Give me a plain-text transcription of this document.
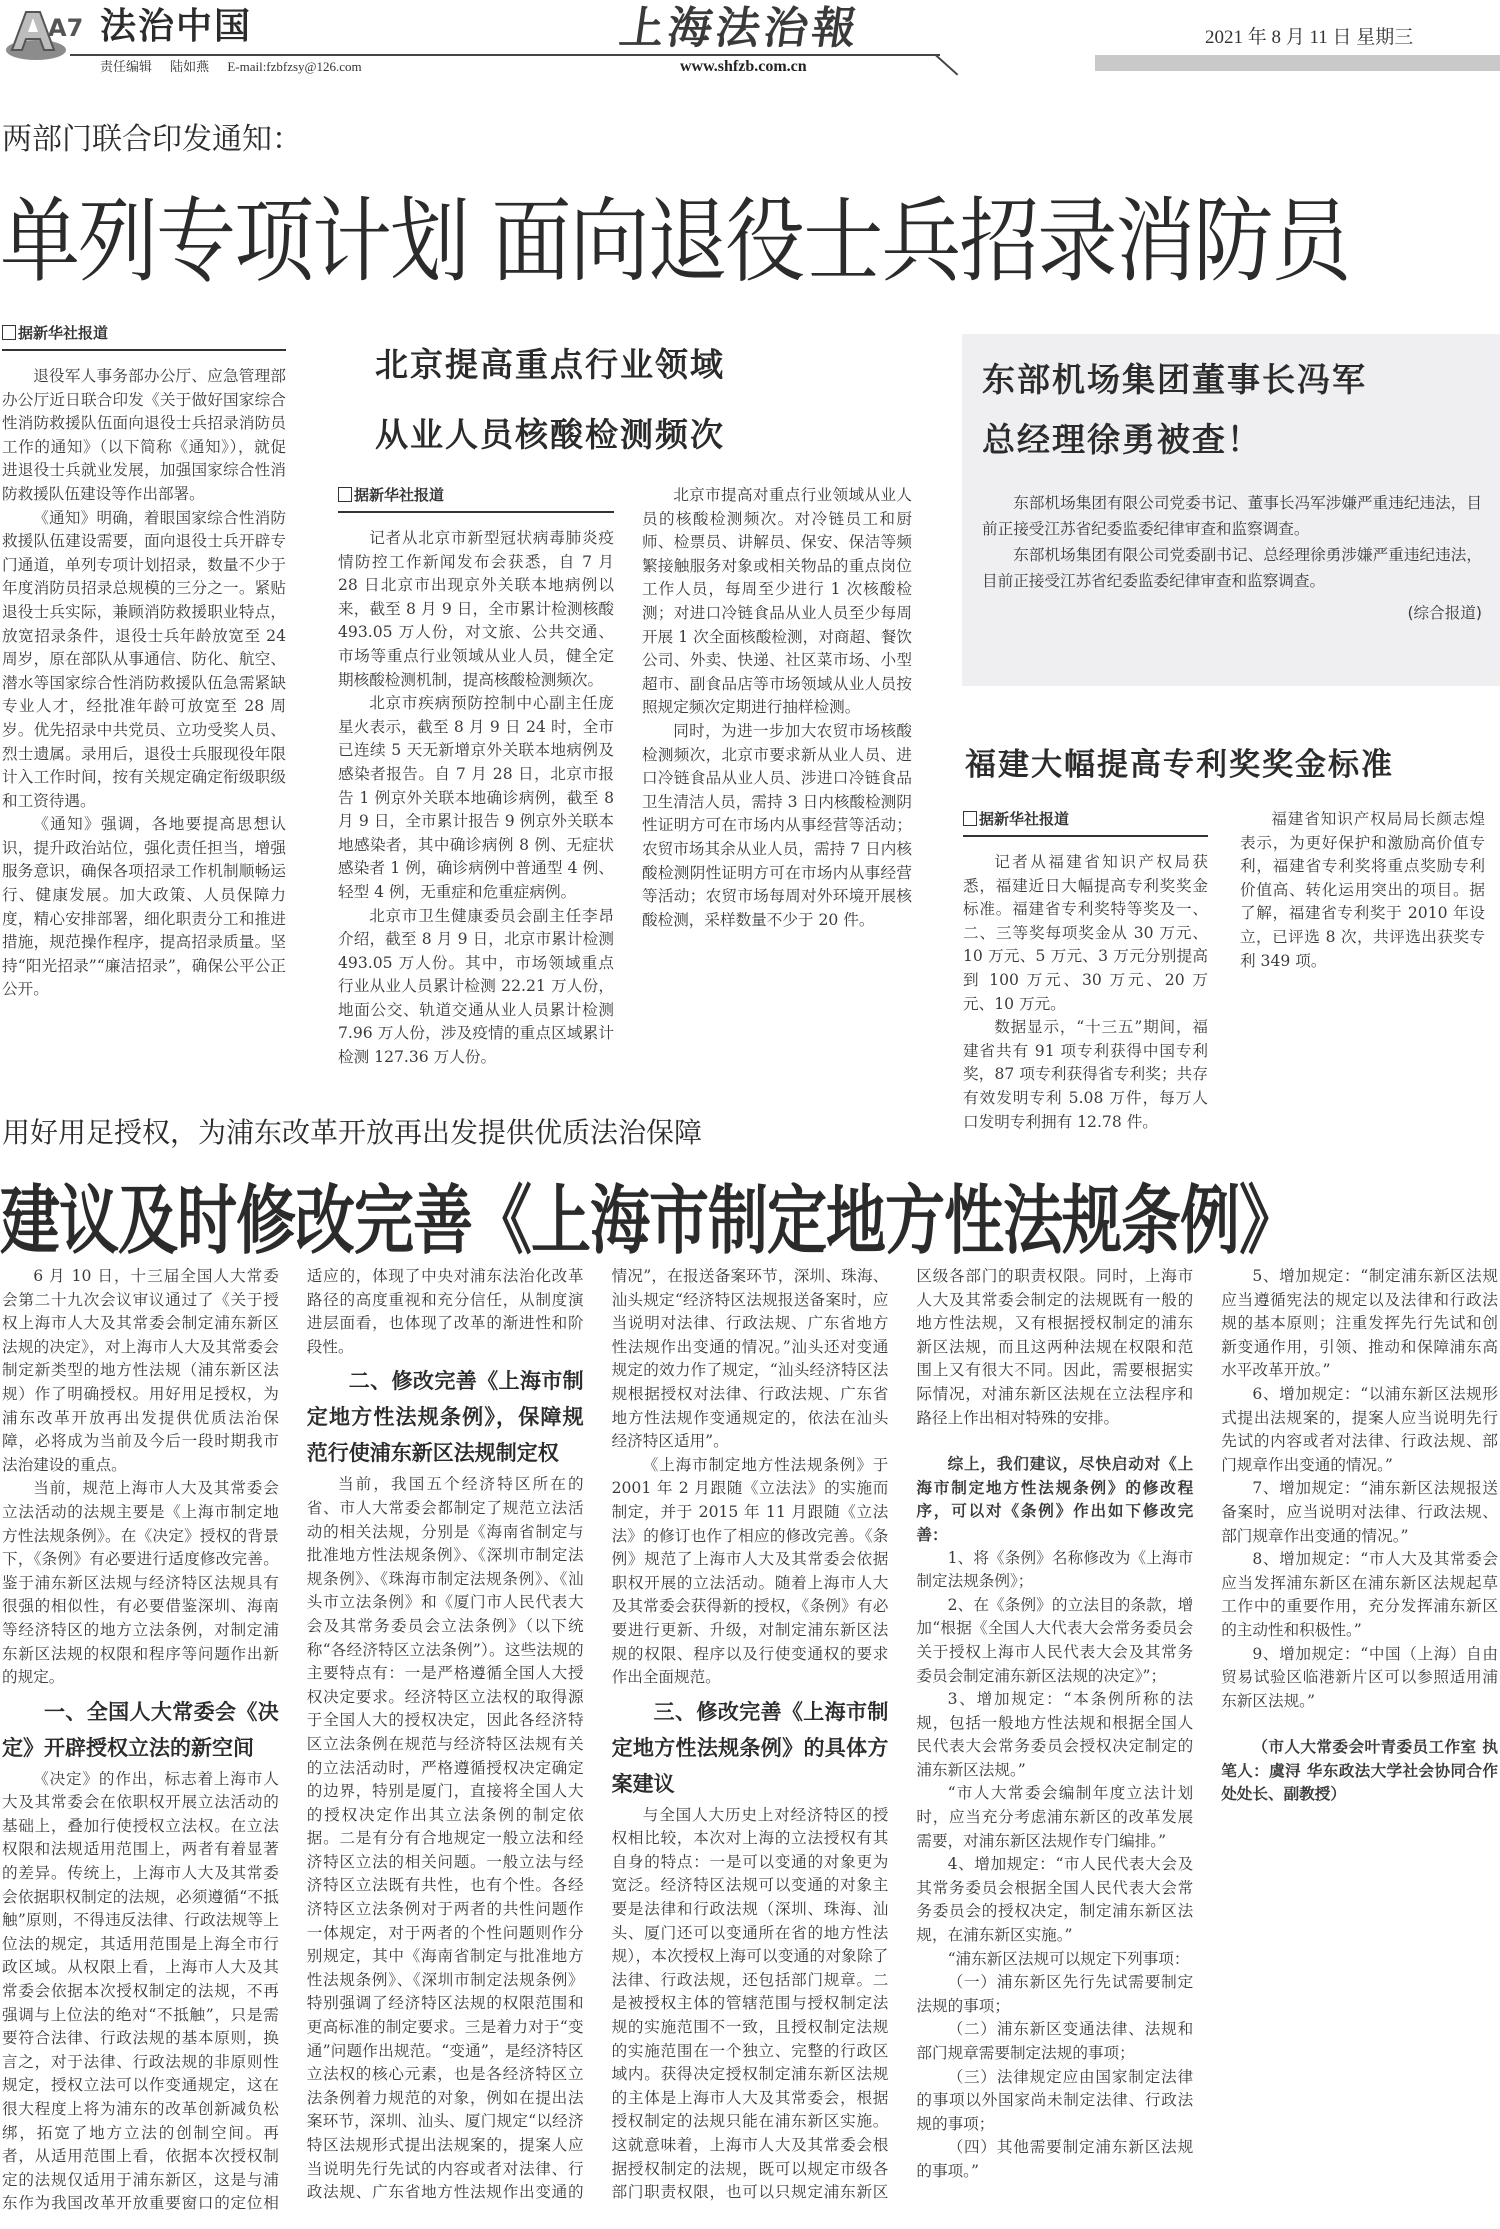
A7 法治中国
责任编辑 陆如燕 E-mail:fzbfzsy@126.com
上海法治報
www.shfzb.com.cn
2021 年 8 月 11 日 星期三
两部门联合印发通知：
单列专项计划 面向退役士兵招录消防员
据新华社报道

退役军人事务部办公厅、应急管理部办公厅近日联合印发《关于做好国家综合性消防救援队伍面向退役士兵招录消防员工作的通知》（以下简称《通知》），就促进退役士兵就业发展，加强国家综合性消防救援队伍建设等作出部署。

《通知》明确，着眼国家综合性消防救援队伍建设需要，面向退役士兵开辟专门通道，单列专项计划招录，数量不少于年度消防员招录总规模的三分之一。紧贴退役士兵实际，兼顾消防救援职业特点，放宽招录条件，退役士兵年龄放宽至 24 周岁，原在部队从事通信、防化、航空、潜水等国家综合性消防救援队伍急需紧缺专业人才，经批准年龄可放宽至 28 周岁。优先招录中共党员、立功受奖人员、烈士遗属。录用后，退役士兵服现役年限计入工作时间，按有关规定确定衔级职级和工资待遇。

《通知》强调，各地要提高思想认识，提升政治站位，强化责任担当，增强服务意识，确保各项招录工作机制顺畅运行、健康发展。加大政策、人员保障力度，精心安排部署，细化职责分工和推进措施，规范操作程序，提高招录质量。坚持“阳光招录”“廉洁招录”，确保公平公正公开。

北京提高重点行业领域
从业人员核酸检测频次
据新华社报道

记者从北京市新型冠状病毒肺炎疫情防控工作新闻发布会获悉，自 7 月 28 日北京市出现京外关联本地病例以来，截至 8 月 9 日，全市累计检测核酸 493.05 万人份，对文旅、公共交通、市场等重点行业领域从业人员，健全定期核酸检测机制，提高核酸检测频次。

北京市疾病预防控制中心副主任庞星火表示，截至 8 月 9 日 24 时，全市已连续 5 天无新增京外关联本地病例及感染者报告。自 7 月 28 日，北京市报告 1 例京外关联本地确诊病例，截至 8 月 9 日，全市累计报告 9 例京外关联本地感染者，其中确诊病例 8 例、无症状感染者 1 例，确诊病例中普通型 4 例、轻型 4 例，无重症和危重症病例。

北京市卫生健康委员会副主任李昂介绍，截至 8 月 9 日，北京市累计检测 493.05 万人份。其中，市场领域重点行业从业人员累计检测 22.21 万人份，地面公交、轨道交通从业人员累计检测 7.96 万人份，涉及疫情的重点区域累计检测 127.36 万人份。

北京市提高对重点行业领域从业人员的核酸检测频次。对冷链员工和厨师、检票员、讲解员、保安、保洁等频繁接触服务对象或相关物品的重点岗位工作人员，每周至少进行 1 次核酸检测；对进口冷链食品从业人员至少每周开展 1 次全面核酸检测，对商超、餐饮公司、外卖、快递、社区菜市场、小型超市、副食品店等市场领域从业人员按照规定频次定期进行抽样检测。

同时，为进一步加大农贸市场核酸检测频次，北京市要求新从业人员、进口冷链食品从业人员、涉进口冷链食品卫生清洁人员，需持 3 日内核酸检测阴性证明方可在市场内从事经营等活动；农贸市场其余从业人员，需持 7 日内核酸检测阴性证明方可在市场内从事经营等活动；农贸市场每周对外环境开展核酸检测，采样数量不少于 20 件。

东部机场集团董事长冯军
总经理徐勇被查！

东部机场集团有限公司党委书记、董事长冯军涉嫌严重违纪违法，目前正接受江苏省纪委监委纪律审查和监察调查。

东部机场集团有限公司党委副书记、总经理徐勇涉嫌严重违纪违法，目前正接受江苏省纪委监委纪律审查和监察调查。

(综合报道)
福建大幅提高专利奖奖金标准
据新华社报道

记者从福建省知识产权局获悉，福建近日大幅提高专利奖奖金标准。福建省专利奖特等奖及一、二、三等奖每项奖金从 30 万元、10 万元、5 万元、3 万元分别提高到 100 万元、30 万元、20 万元、10 万元。

数据显示，“十三五”期间，福建省共有 91 项专利获得中国专利奖，87 项专利获得省专利奖；共存有效发明专利 5.08 万件，每万人口发明专利拥有 12.78 件。

福建省知识产权局局长颜志煌表示，为更好保护和激励高价值专利，福建省专利奖将重点奖励专利价值高、转化运用突出的项目。据了解，福建省专利奖于 2010 年设立，已评选 8 次，共评选出获奖专利 349 项。

用好用足授权，为浦东改革开放再出发提供优质法治保障
建议及时修改完善《上海市制定地方性法规条例》

6 月 10 日，十三届全国人大常委会第二十九次会议审议通过了《关于授权上海市人大及其常委会制定浦东新区法规的决定》，对上海市人大及其常委会制定新类型的地方性法规（浦东新区法规）作了明确授权。用好用足授权，为浦东改革开放再出发提供优质法治保障，必将成为当前及今后一段时期我市法治建设的重点。

当前，规范上海市人大及其常委会立法活动的法规主要是《上海市制定地方性法规条例》。在《决定》授权的背景下，《条例》有必要进行适度修改完善。鉴于浦东新区法规与经济特区法规具有很强的相似性，有必要借鉴深圳、海南等经济特区的地方立法条例，对制定浦东新区法规的权限和程序等问题作出新的规定。

一、全国人大常委会《决定》开辟授权立法的新空间

《决定》的作出，标志着上海市人大及其常委会在依职权开展立法活动的基础上，叠加行使授权立法权。在立法权限和法规适用范围上，两者有着显著的差异。传统上，上海市人大及其常委会依据职权制定的法规，必须遵循“不抵触”原则，不得违反法律、行政法规等上位法的规定，其适用范围是上海全市行政区域。从权限上看，上海市人大及其常委会依据本次授权制定的法规，不再强调与上位法的绝对“不抵触”，只是需要符合法律、行政法规的基本原则，换言之，对于法律、行政法规的非原则性规定，授权立法可以作变通规定，这在很大程度上将为浦东的改革创新减负松绑，拓宽了地方立法的创制空间。再者，从适用范围上看，依据本次授权制定的法规仅适用于浦东新区，这是与浦东作为我国改革开放重要窗口的定位相适应的，体现了中央对浦东法治化改革路径的高度重视和充分信任，从制度演进层面看，也体现了改革的渐进性和阶段性。

二、修改完善《上海市制定地方性法规条例》，保障规范行使浦东新区法规制定权

当前，我国五个经济特区所在的省、市人大常委会都制定了规范立法活动的相关法规，分别是《海南省制定与批准地方性法规条例》、《深圳市制定法规条例》、《珠海市制定法规条例》、《汕头市立法条例》和《厦门市人民代表大会及其常务委员会立法条例》（以下统称“各经济特区立法条例”）。这些法规的主要特点有：一是严格遵循全国人大授权决定要求。经济特区立法权的取得源于全国人大的授权决定，因此各经济特区立法条例在规范与经济特区法规有关的立法活动时，严格遵循授权决定确定的边界，特别是厦门，直接将全国人大的授权决定作出其立法条例的制定依据。二是有分有合地规定一般立法和经济特区立法的相关问题。一般立法与经济特区立法既有共性，也有个性。各经济特区立法条例对于两者的共性问题作一体规定，对于两者的个性问题则作分别规定，其中《海南省制定与批准地方性法规条例》、《深圳市制定法规条例》特别强调了经济特区法规的权限范围和更高标准的制定要求。三是着力对于“变通”问题作出规范。“变通”，是经济特区立法权的核心元素，也是各经济特区立法条例着力规范的对象，例如在提出法案环节，深圳、汕头、厦门规定“以经济特区法规形式提出法规案的，提案人应当说明先行先试的内容或者对法律、行政法规、广东省地方性法规作出变通的情况”，在报送备案环节，深圳、珠海、汕头规定“经济特区法规报送备案时，应当说明对法律、行政法规、广东省地方性法规作出变通的情况。”汕头还对变通规定的效力作了规定，“汕头经济特区法规根据授权对法律、行政法规、广东省地方性法规作变通规定的，依法在汕头经济特区适用”。

《上海市制定地方性法规条例》于 2001 年 2 月跟随《立法法》的实施而制定，并于 2015 年 11 月跟随《立法法》的修订也作了相应的修改完善。《条例》规范了上海市人大及其常委会依据职权开展的立法活动。随着上海市人大及其常委会获得新的授权，《条例》有必要进行更新、升级，对制定浦东新区法规的权限、程序以及行使变通权的要求作出全面规范。

三、修改完善《上海市制定地方性法规条例》的具体方案建议

与全国人大历史上对经济特区的授权相比较，本次对上海的立法授权有其自身的特点：一是可以变通的对象更为宽泛。经济特区法规可以变通的对象主要是法律和行政法规（深圳、珠海、汕头、厦门还可以变通所在省的地方性法规），本次授权上海可以变通的对象除了法律、行政法规，还包括部门规章。二是被授权主体的管辖范围与授权制定法规的实施范围不一致，且授权制定法规的实施范围在一个独立、完整的行政区域内。获得决定授权制定浦东新区法规的主体是上海市人大及其常委会，根据授权制定的法规只能在浦东新区实施。这就意味着，上海市人大及其常委会根据授权制定的法规，既可以规定市级各部门职责权限，也可以只规定浦东新区区级各部门的职责权限。同时，上海市人大及其常委会制定的法规既有一般的地方性法规，又有根据授权制定的浦东新区法规，而且这两种法规在权限和范围上又有很大不同。因此，需要根据实际情况，对浦东新区法规在立法程序和路径上作出相对特殊的安排。

综上，我们建议，尽快启动对《上海市制定地方性法规条例》的修改程序，可以对《条例》作出如下修改完善：

1、将《条例》名称修改为《上海市制定法规条例》；

2、在《条例》的立法目的条款，增加“根据《全国人大代表大会常务委员会关于授权上海市人民代表大会及其常务委员会制定浦东新区法规的决定》”；

3、增加规定：“本条例所称的法规，包括一般地方性法规和根据全国人民代表大会常务委员会授权决定制定的浦东新区法规。”

“市人大常委会编制年度立法计划时，应当充分考虑浦东新区的改革发展需要，对浦东新区法规作专门编排。”

4、增加规定：“市人民代表大会及其常务委员会根据全国人民代表大会常务委员会的授权决定，制定浦东新区法规，在浦东新区实施。”

“浦东新区法规可以规定下列事项：

（一）浦东新区先行先试需要制定法规的事项；

（二）浦东新区变通法律、法规和部门规章需要制定法规的事项；

（三）法律规定应由国家制定法律的事项以外国家尚未制定法律、行政法规的事项；

（四）其他需要制定浦东新区法规的事项。”

5、增加规定：“制定浦东新区法规应当遵循宪法的规定以及法律和行政法规的基本原则；注重发挥先行先试和创新变通作用，引领、推动和保障浦东高水平改革开放。”

6、增加规定：“以浦东新区法规形式提出法规案的，提案人应当说明先行先试的内容或者对法律、行政法规、部门规章作出变通的情况。”

7、增加规定：“浦东新区法规报送备案时，应当说明对法律、行政法规、部门规章作出变通的情况。”

8、增加规定：“市人大及其常委会应当发挥浦东新区在浦东新区法规起草工作中的重要作用，充分发挥浦东新区的主动性和积极性。”

9、增加规定：“中国（上海）自由贸易试验区临港新片区可以参照适用浦东新区法规。”

（市人大常委会叶青委员工作室 执笔人：虞浔 华东政法大学社会协同合作处处长、副教授）
